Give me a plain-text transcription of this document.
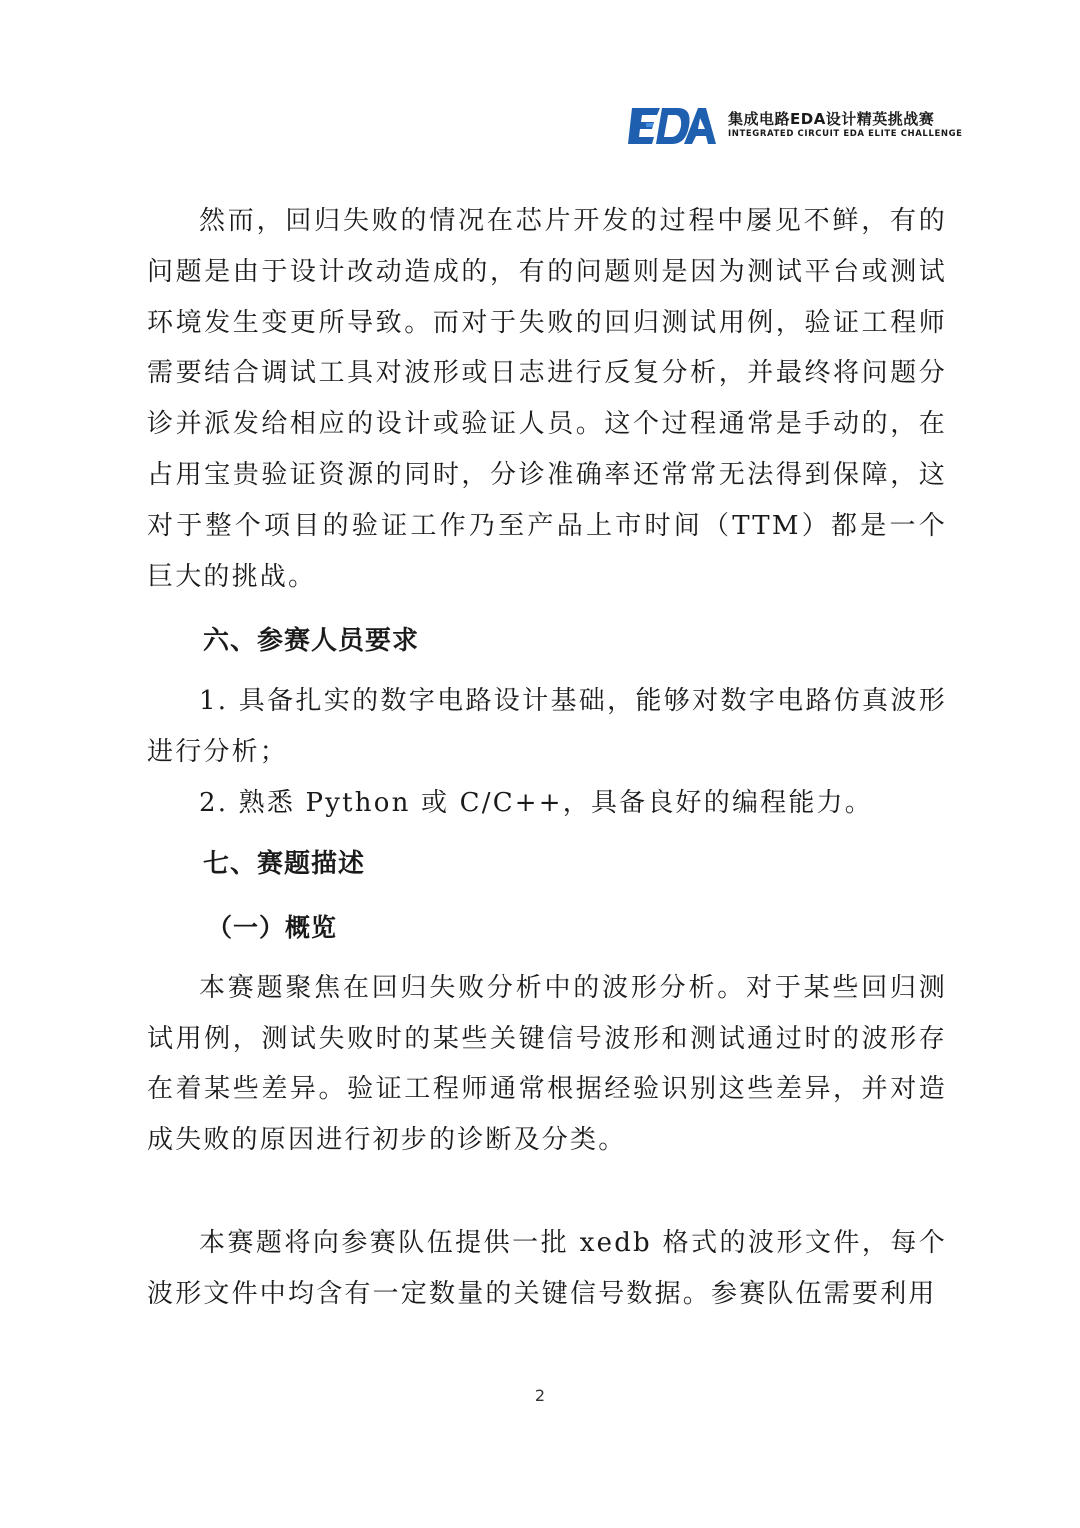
集成电路EDA设计精英挑战赛
INTEGRATED CIRCUIT EDA ELITE CHALLENGE

然而，回归失败的情况在芯片开发的过程中屡见不鲜，有的问题是由于设计改动造成的，有的问题则是因为测试平台或测试环境发生变更所导致。而对于失败的回归测试用例，验证工程师需要结合调试工具对波形或日志进行反复分析，并最终将问题分诊并派发给相应的设计或验证人员。这个过程通常是手动的，在占用宝贵验证资源的同时，分诊准确率还常常无法得到保障，这对于整个项目的验证工作乃至产品上市时间（TTM）都是一个巨大的挑战。

六、参赛人员要求

1. 具备扎实的数字电路设计基础，能够对数字电路仿真波形进行分析；

2. 熟悉 Python 或 C/C++，具备良好的编程能力。

七、赛题描述

（一）概览

本赛题聚焦在回归失败分析中的波形分析。对于某些回归测试用例，测试失败时的某些关键信号波形和测试通过时的波形存在着某些差异。验证工程师通常根据经验识别这些差异，并对造成失败的原因进行初步的诊断及分类。

本赛题将向参赛队伍提供一批 xedb 格式的波形文件，每个波形文件中均含有一定数量的关键信号数据。参赛队伍需要利用

2
